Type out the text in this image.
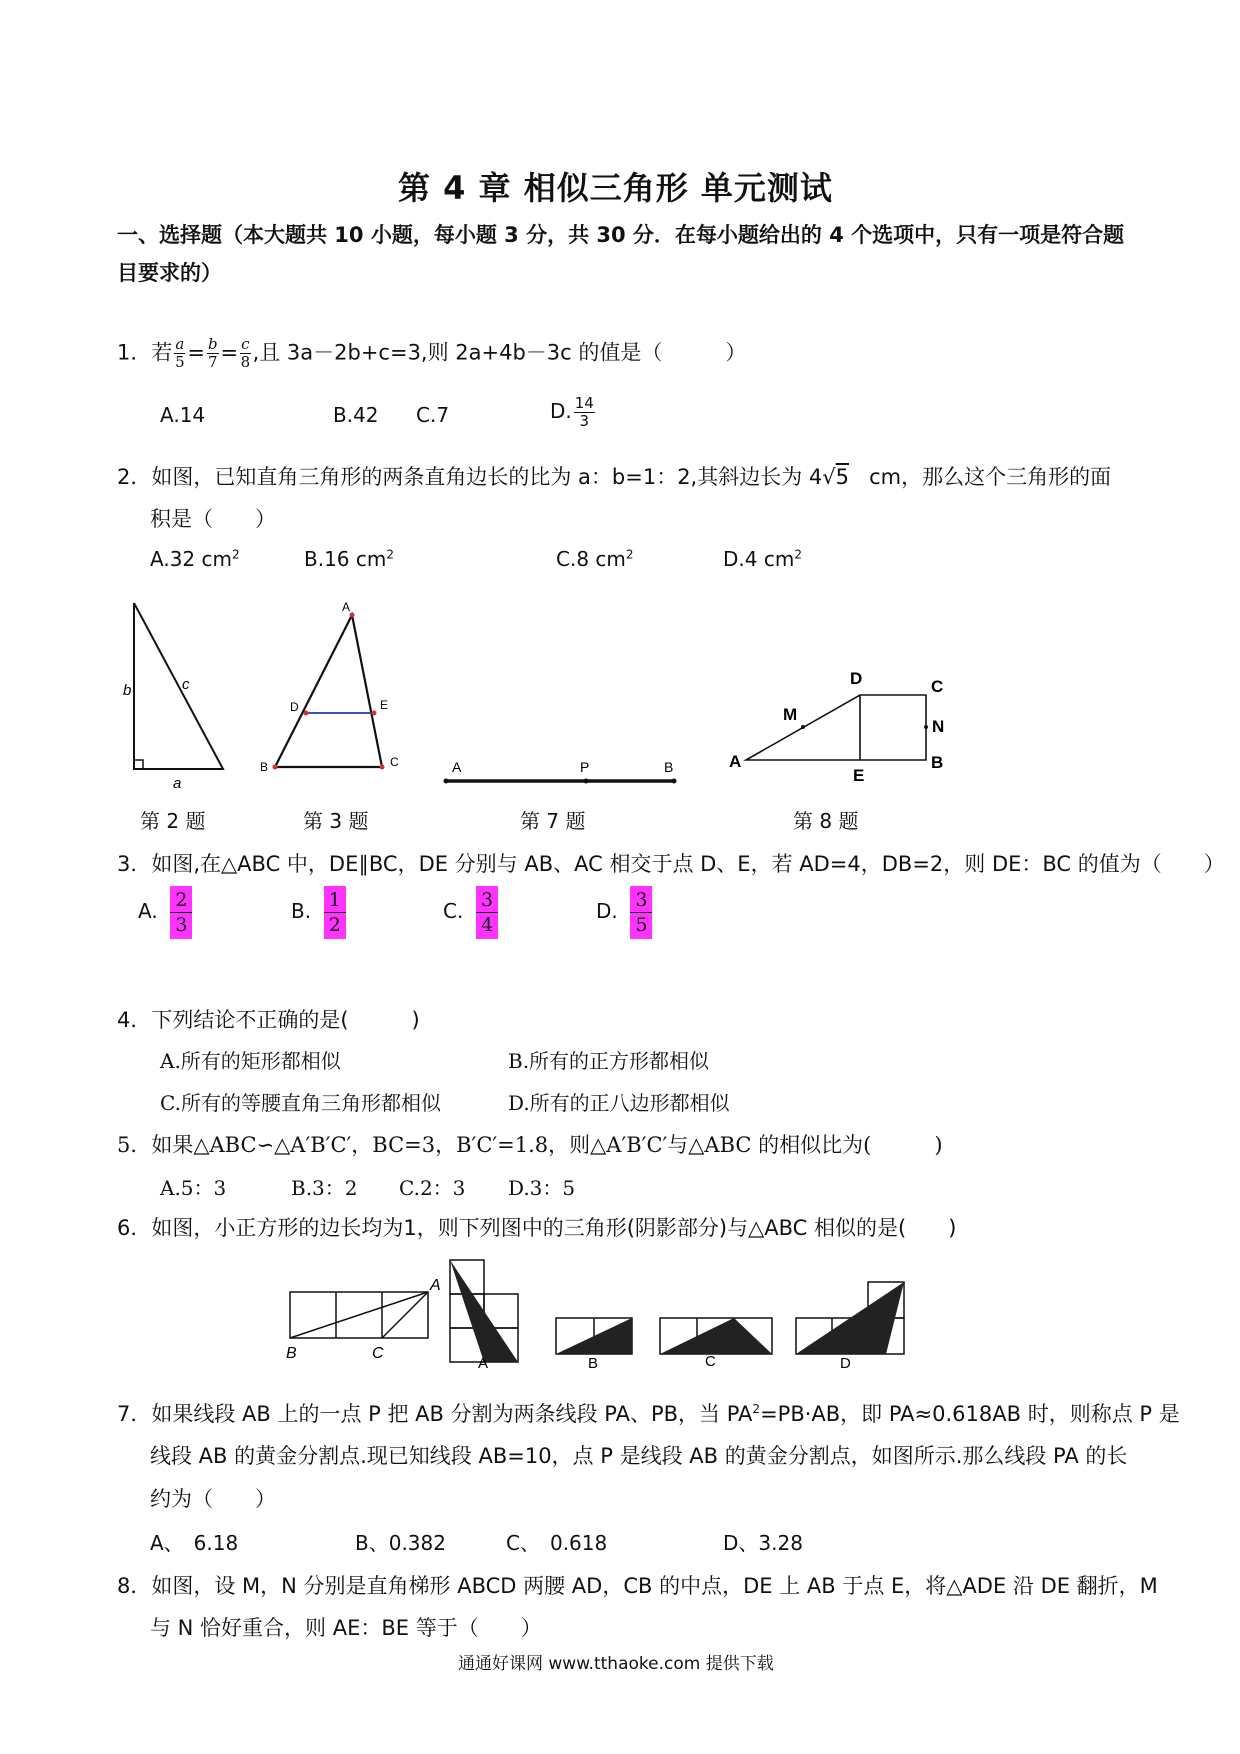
第 4 章 相似三角形 单元测试
一、选择题（本大题共 10 小题，每小题 3 分，共 30 分．在每小题给出的 4 个选项中，只有一项是符合题
目要求的）
1．若 $\frac{a}{5} = \frac{b}{7} = \frac{c}{8}$ ,且 3a－2b+c=3,则 2a+4b－3c 的值是（　　　）
A.14	B.42 C.7	D. $\frac{14}{3}$
2．如图，已知直角三角形的两条直角边长的比为 a：b=1：2,其斜边长为 4√5 cm，那么这个三角形的面
积是（　　）
A.32 $cm^2$	B.16 $cm^2$	C.8 $cm^2$	D.4 $cm^2$
b	c
a
A
D	E
B	C	A	P	B	A
D	C
N
B
E
M
第 2 题	第 3 题	第 7 题	第 8 题
3．如图,在△ABC 中，DE∥BC，DE 分别与 AB、AC 相交于点 D、E，若 AD=4，DB=2，则 DE：BC 的值为（　　）
A. $\frac{2}{3}$	B. $\frac{1}{2}$	C. $\frac{3}{4}$	D. $\frac{3}{5}$
4．下列结论不正确的是(　　　)
A.所有的矩形都相似	B.所有的正方形都相似
C.所有的等腰直角三角形都相似	D.所有的正八边形都相似
5．如果△ABC∽△A′B′C′，BC=3，B′C′=1.8，则△A′B′C′与△ABC 的相似比为(　　　)
A.5：3	B.3：2 C.2：3 D.3：5
6．如图，小正方形的边长均为1，则下列图中的三角形(阴影部分)与△ABC 相似的是(　　)
B	C
A
A	B	C	D
7．如果线段 AB 上的一点 P 把 AB 分割为两条线段 PA、PB，当 $PA^2=PB\cdot AB$，即 PA≈0.618AB 时，则称点 P 是
线段 AB 的黄金分割点.现已知线段 AB=10，点 P 是线段 AB 的黄金分割点，如图所示.那么线段 PA 的长
约为（　　）
A、　6.18	B、0.382	C、　0.618	D、3.28
8．如图，设 M，N 分别是直角梯形 ABCD 两腰 AD，CB 的中点，DE 上 AB 于点 E，将△ADE 沿 DE 翻折，M
与 N 恰好重合，则 AE：BE 等于（　　）
通通好课网 www.tthaoke.com 提供下载
